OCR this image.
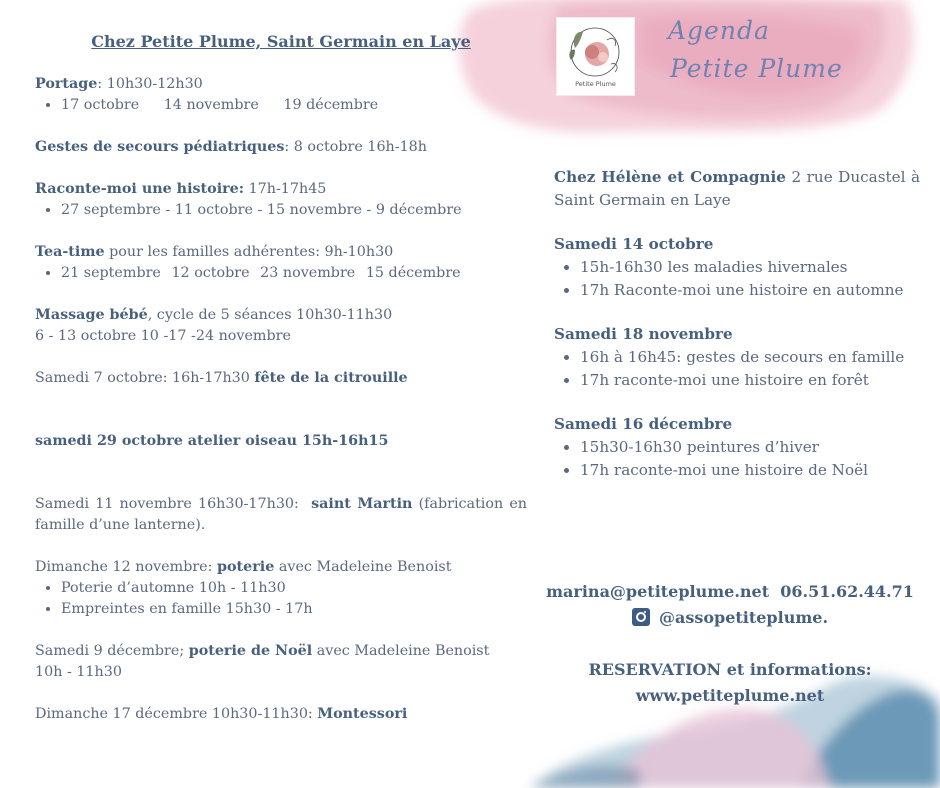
Chez Petite Plume, Saint Germain en Laye

Portage: 10h30-12h30

• 17 octobre 14 novembre 19 décembre

Gestes de secours pédiatriques: 8 octobre 16h-18h

Raconte-moi une histoire: 17h-17h45

• 27 septembre - 11 octobre - 15 novembre - 9 décembre

Tea-time pour les familles adhérentes: 9h-10h30

• 21 septembre 12 octobre 23 novembre 15 décembre

Massage bébé, cycle de 5 séances 10h30-11h30

6 - 13 octobre 10 -17 -24 novembre

Samedi 7 octobre: 16h-17h30 fête de la citrouille

samedi 29 octobre atelier oiseau 15h-16h15

Samedi 11 novembre 16h30-17h30:  saint Martin (fabrication en famille d’une lanterne).

Dimanche 12 novembre: poterie avec Madeleine Benoist

• Poterie d’automne 10h - 11h30
• Empreintes en famille 15h30 - 17h

Samedi 9 décembre; poterie de Noël avec Madeleine Benoist

10h - 11h30

Dimanche 17 décembre 10h30-11h30: Montessori

Petite Plume
Agenda
Petite Plume
Chez Hélène et Compagnie 2 rue Ducastel à Saint Germain en Laye
Samedi 14 octobre
• 15h-16h30 les maladies hivernales
• 17h Raconte-moi une histoire en automne
Samedi 18 novembre
• 16h à 16h45: gestes de secours en famille
• 17h raconte-moi une histoire en forêt
Samedi 16 décembre
• 15h30-16h30 peintures d’hiver
• 17h raconte-moi une histoire de Noël
marina@petiteplume.net 06.51.62.44.71
@assopetiteplume.
RESERVATION et informations:
www.petiteplume.net
